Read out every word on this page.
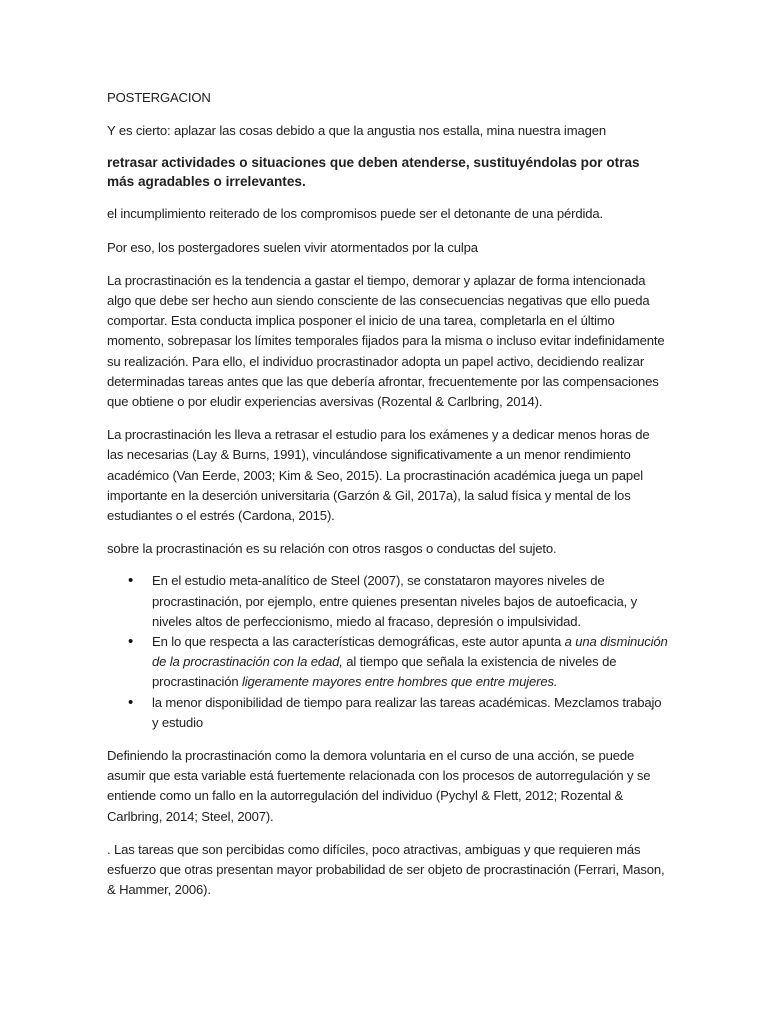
POSTERGACION

Y es cierto: aplazar las cosas debido a que la angustia nos estalla, mina nuestra imagen

retrasar actividades o situaciones que deben atenderse, sustituyéndolas por otras más agradables o irrelevantes.

el incumplimiento reiterado de los compromisos puede ser el detonante de una pérdida.

Por eso, los postergadores suelen vivir atormentados por la culpa

La procrastinación es la tendencia a gastar el tiempo, demorar y aplazar de forma intencionada algo que debe ser hecho aun siendo consciente de las consecuencias negativas que ello pueda comportar. Esta conducta implica posponer el inicio de una tarea, completarla en el último momento, sobrepasar los límites temporales fijados para la misma o incluso evitar indefinidamente su realización. Para ello, el individuo procrastinador adopta un papel activo, decidiendo realizar determinadas tareas antes que las que debería afrontar, frecuentemente por las compensaciones que obtiene o por eludir experiencias aversivas (Rozental & Carlbring, 2014).

La procrastinación les lleva a retrasar el estudio para los exámenes y a dedicar menos horas de las necesarias (Lay & Burns, 1991), vinculándose significativamente a un menor rendimiento académico (Van Eerde, 2003; Kim & Seo, 2015). La procrastinación académica juega un papel importante en la deserción universitaria (Garzón & Gil, 2017a), la salud física y mental de los estudiantes o el estrés (Cardona, 2015).

sobre la procrastinación es su relación con otros rasgos o conductas del sujeto.

• En el estudio meta-analítico de Steel (2007), se constataron mayores niveles de procrastinación, por ejemplo, entre quienes presentan niveles bajos de autoeficacia, y niveles altos de perfeccionismo, miedo al fracaso, depresión o impulsividad.
• En lo que respecta a las características demográficas, este autor apunta a una disminución de la procrastinación con la edad, al tiempo que señala la existencia de niveles de procrastinación ligeramente mayores entre hombres que entre mujeres.
• la menor disponibilidad de tiempo para realizar las tareas académicas. Mezclamos trabajo y estudio

Definiendo la procrastinación como la demora voluntaria en el curso de una acción, se puede asumir que esta variable está fuertemente relacionada con los procesos de autorregulación y se entiende como un fallo en la autorregulación del individuo (Pychyl & Flett, 2012; Rozental & Carlbring, 2014; Steel, 2007).

. Las tareas que son percibidas como difíciles, poco atractivas, ambiguas y que requieren más esfuerzo que otras presentan mayor probabilidad de ser objeto de procrastinación (Ferrari, Mason, & Hammer, 2006).
